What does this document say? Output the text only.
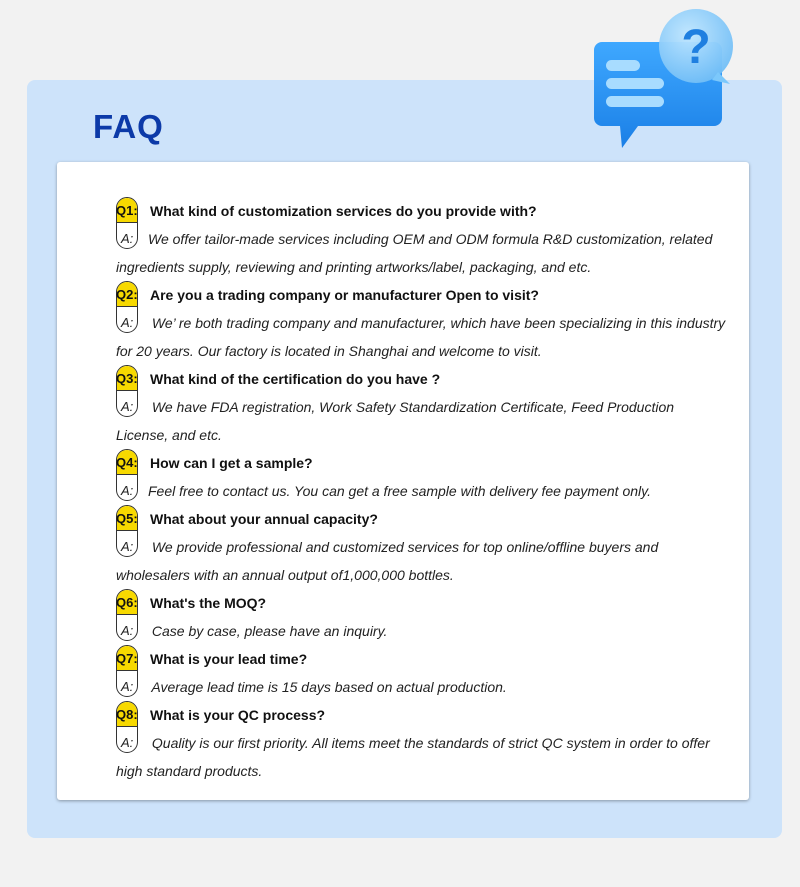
FAQ
?
Q1:
A:

What kind of customization services do you provide with?

We offer tailor-made services including OEM and ODM formula R&D customization, related ingredients supply, reviewing and printing artworks/label, packaging, and etc.

Q2:
A:

Are you a trading company or manufacturer Open to visit?

We’ re both trading company and manufacturer, which have been specializing in this industry for 20 years. Our factory is located in Shanghai and welcome to visit.

Q3:
A:

What kind of the certification do you have ?

We have FDA registration, Work Safety Standardization Certificate, Feed Production License, and etc.

Q4:
A:

How can I get a sample?

Feel free to contact us. You can get a free sample with delivery fee payment only.

Q5:
A:

What about your annual capacity?

We provide professional and customized services for top online/offline buyers and wholesalers with an annual output of1,000,000 bottles.

Q6:
A:

What's the MOQ?

Case by case, please have an inquiry.

Q7:
A:

What is your lead time?

Average lead time is 15 days based on actual production.

Q8:
A:

What is your QC process?

Quality is our first priority. All items meet the standards of strict QC system in order to offer high standard products.
